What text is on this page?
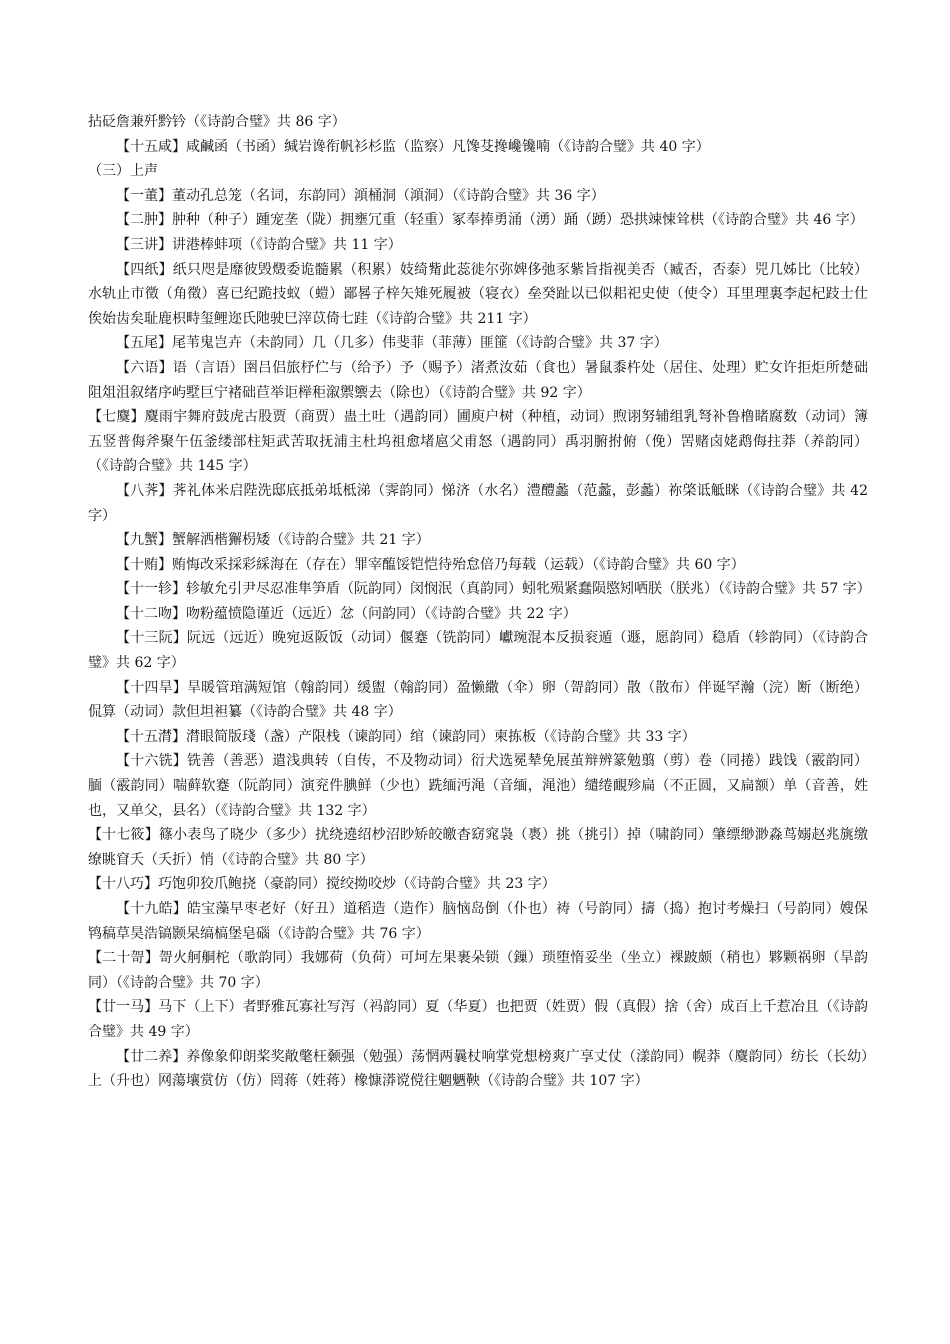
拈砭詹兼歼黔钤（《诗韵合璧》共 86 字）

【十五咸】咸鹹函（书函）缄岩谗衔帆衫杉监（监察）凡馋芟搀巉镵喃（《诗韵合璧》共 40 字）

（三）上声

【一董】董动孔总笼（名词，东韵同）澒桶洞（澒洞）（《诗韵合璧》共 36 字）

【二肿】肿种（种子）踵宠垄（陇）拥壅冗重（轻重）冢奉捧勇涌（湧）踊（踴）恐拱竦悚耸栱（《诗韵合璧》共 46 字）

【三讲】讲港棒蚌项（《诗韵合璧》共 11 字）

【四纸】纸只咫是靡彼毁燬委诡髓累（积累）妓绮觜此蕊徙尔弥婢侈弛豕紫旨指视美否（臧否，否泰）兕几姊比（比较）水轨止市徵（角徵）喜已纪跪技蚁（螘）鄙晷子梓矢雉死履被（寝衣）垒癸趾以已似耜祀史使（使令）耳里理裏李起杞跂士仕俟始齿矣耻鹿枳畤玺鲤迩氏阤驶巳滓苡倚七跬（《诗韵合璧》共 211 字）

【五尾】尾苇鬼岂卉（未韵同）几（几多）伟斐菲（菲薄）匪篚（《诗韵合璧》共 37 字）

【六语】语（言语）圉吕侣旅杼伫与（给予）予（赐予）渚煮汝茹（食也）暑鼠黍杵处（居住、处理）贮女许拒炬所楚础阻俎沮叙绪序屿墅巨宁褚础苣举讵榉秬溆禦籞去（除也）（《诗韵合璧》共 92 字）

【七麌】麌雨宇舞府鼓虎古股贾（商贾）蛊土吐（遇韵同）圃庾户树（种植，动词）煦诩努辅组乳弩补鲁橹睹腐数（动词）簿五竖普侮斧聚午伍釜缕部柱矩武苦取抚浦主杜坞祖愈堵扈父甫怒（遇韵同）禹羽腑拊俯（俛）罟赌卤姥鹉侮拄莽（养韵同）（《诗韵合璧》共 145 字）

【八荠】荠礼体米启陛洗邸底抵弟坻柢涕（霁韵同）悌济（水名）澧醴蠡（范蠡，彭蠡）祢棨诋觝眯（《诗韵合璧》共 42 字）

【九蟹】蟹解洒楷獬枴矮（《诗韵合璧》共 21 字）

【十贿】贿悔改采採彩綵海在（存在）罪宰醢馁铠恺待殆怠倍乃每载（运载）（《诗韵合璧》共 60 字）

【十一轸】轸敏允引尹尽忍准隼笋盾（阮韵同）闵悯泯（真韵同）蚓牝殒紧蠢陨愍矧哂朕（朕兆）（《诗韵合璧》共 57 字）

【十二吻】吻粉蕴愤隐谨近（远近）忿（问韵同）（《诗韵合璧》共 22 字）

【十三阮】阮远（远近）晚宛返阪饭（动词）偃蹇（铣韵同）巘琬混本反损衮遁（遯，愿韵同）稳盾（轸韵同）（《诗韵合璧》共 62 字）

【十四旱】旱暖管琯满短馆（翰韵同）缓盥（翰韵同）盈懒繖（伞）卵（哿韵同）散（散布）伴诞罕瀚（浣）断（断绝）侃算（动词）款但坦袒纂（《诗韵合璧》共 48 字）

【十五潸】潸眼简版琖（盏）产限栈（谏韵同）绾（谏韵同）柬拣板（《诗韵合璧》共 33 字）

【十六铣】铣善（善恶）遣浅典转（自传，不及物动词）衍犬选冕辇免展茧辩辨篆勉翦（剪）卷（同捲）践饯（霰韵同）腼（霰韵同）喘藓软蹇（阮韵同）演兖件腆鲜（少也）跣缅沔渑（音缅，渑池）缱绻靦殄扁（不正圆，又扁额）单（音善，姓也，又单父，县名）（《诗韵合璧》共 132 字）

【十七筱】篠小表鸟了晓少（多少）扰绕遶绍杪沼眇矫皎皦杳窈窕袅（褭）挑（挑引）掉（啸韵同）肇缥缈渺淼茑嫋赵兆旐缴缭眺窅夭（夭折）悄（《诗韵合璧》共 80 字）

【十八巧】巧饱卯狡爪鲍挠（豪韵同）搅绞拗咬炒（《诗韵合璧》共 23 字）

【十九皓】皓宝藻早枣老好（好丑）道稻造（造作）脑恼岛倒（仆也）祷（号韵同）擣（捣）抱讨考燥扫（号韵同）嫂保鸨稿草昊浩镐颢杲缟槁堡皂碯（《诗韵合璧》共 76 字）

【二十哿】哿火舸𦨴柁（歌韵同）我娜荷（负荷）可坷左果裹朵锁（鏁）琐堕惰妥坐（坐立）裸跛颇（稍也）夥颗祸卵（旱韵同）（《诗韵合璧》共 70 字）

【廿一马】马下（上下）者野雅瓦寡社写泻（祃韵同）夏（华夏）也把贾（姓贾）假（真假）捨（舍）成百上千惹冶且（《诗韵合璧》共 49 字）

【廿二养】养像象仰朗桨奖敞氅枉颡强（勉强）荡惘两曩杖响掌党想榜爽广享丈仗（漾韵同）幌莽（麌韵同）纺长（长幼）上（升也）网蕩壤赏仿（仿）罔蒋（姓蒋）橡慷漭谠傥往魍魉鞅（《诗韵合璧》共 107 字）
